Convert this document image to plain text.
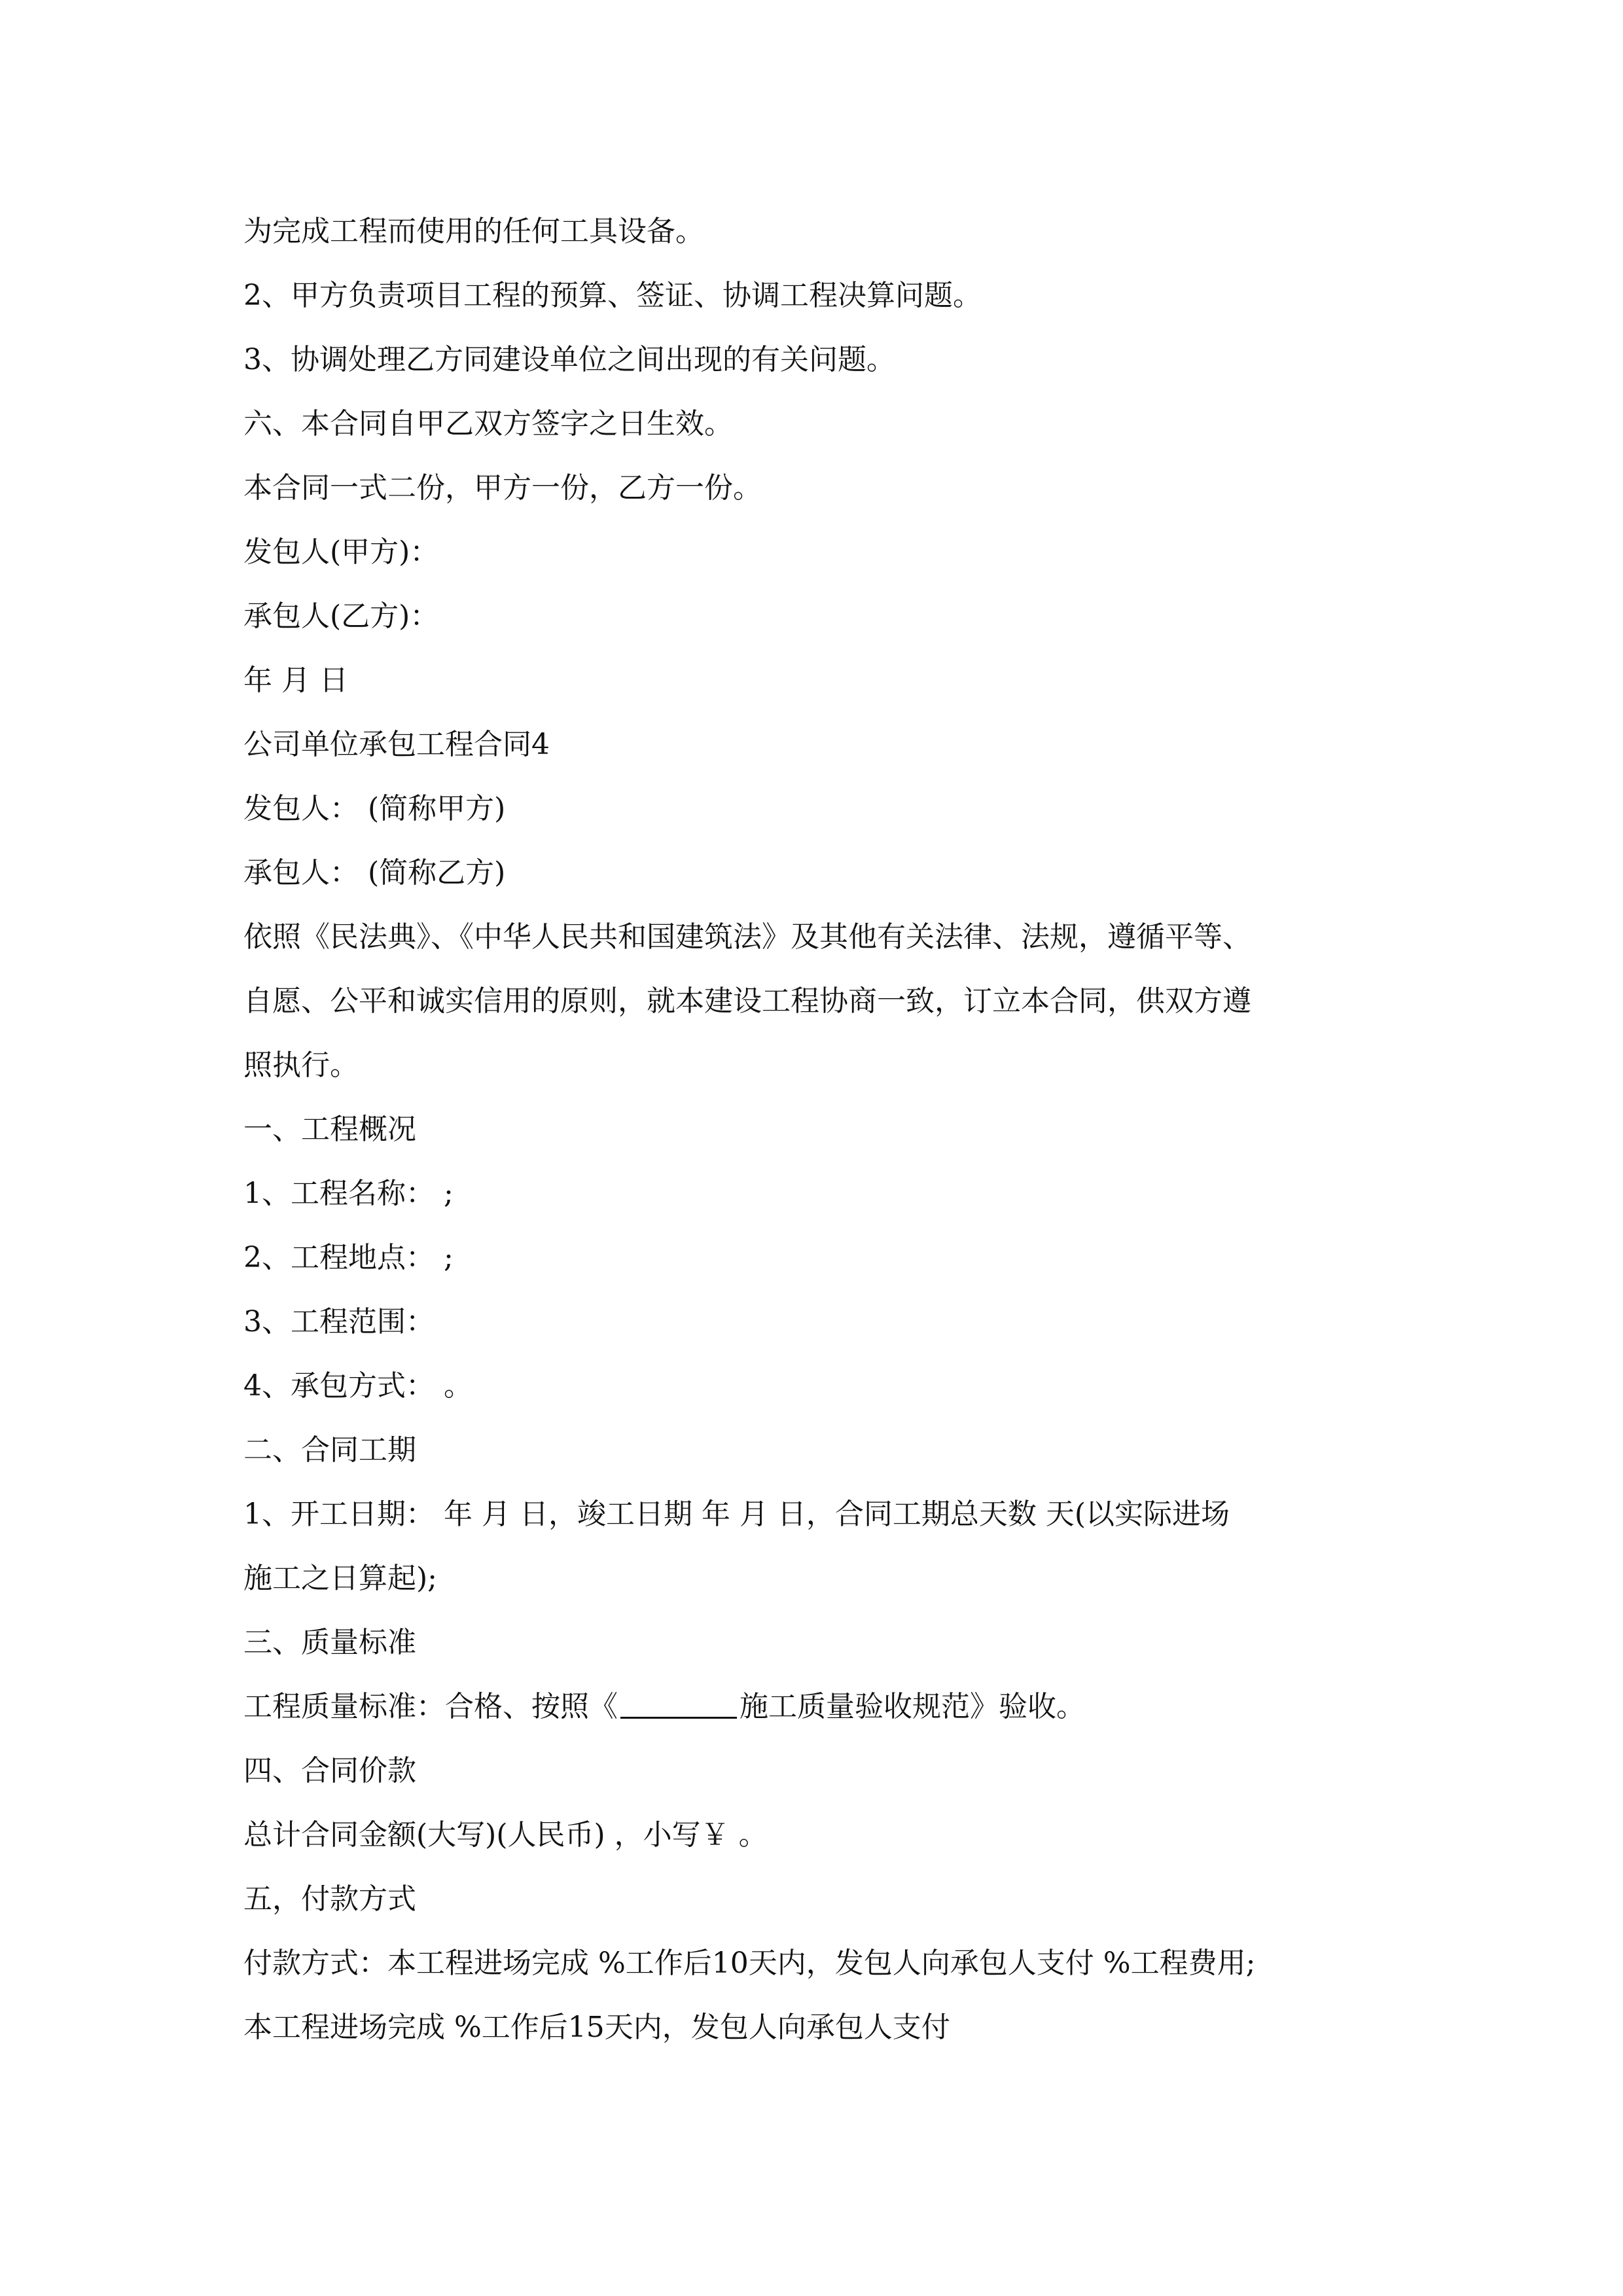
为完成工程而使用的任何工具设备。

2、甲方负责项目工程的预算、签证、协调工程决算问题。

3、协调处理乙方同建设单位之间出现的有关问题。

六、本合同自甲乙双方签字之日生效。

本合同一式二份，甲方一份，乙方一份。

发包人(甲方)：

承包人(乙方)：

年 月 日

公司单位承包工程合同4

发包人： (简称甲方)

承包人： (简称乙方)

依照《民法典》、《中华人民共和国建筑法》及其他有关法律、法规，遵循平等、

自愿、公平和诚实信用的原则，就本建设工程协商一致，订立本合同，供双方遵

照执行。

一、工程概况

1、工程名称： ;

2、工程地点： ;

3、工程范围：

4、承包方式： 。

二、合同工期

1、开工日期： 年 月 日，竣工日期 年 月 日，合同工期总天数 天(以实际进场

施工之日算起);

三、质量标准

工程质量标准：合格、按照《	施工质量验收规范》验收。

四、合同价款

总计合同金额(大写)(人民币) ，小写￥ 。

五，付款方式

付款方式：本工程进场完成 %工作后10天内，发包人向承包人支付 %工程费用;

本工程进场完成 %工作后15天内，发包人向承包人支付
